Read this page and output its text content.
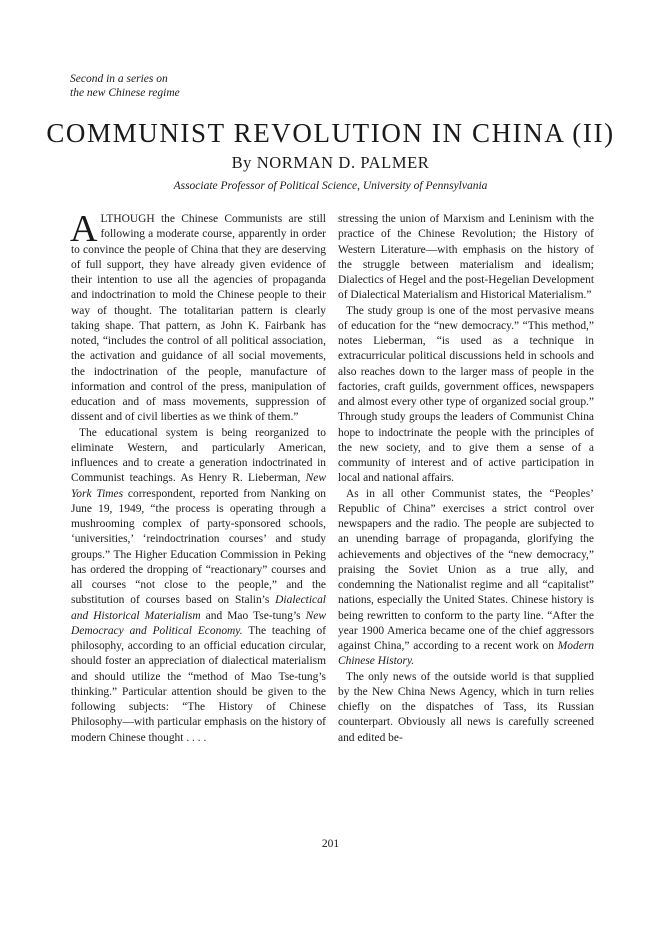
Second in a series on
the new Chinese regime
COMMUNIST REVOLUTION IN CHINA (II)
By NORMAN D. PALMER
Associate Professor of Political Science, University of Pennsylvania

ALTHOUGH the Chinese Communists are still following a moderate course, apparently in order to convince the people of China that they are deserving of full support, they have already given evidence of their intention to use all the agencies of propaganda and indoctrination to mold the Chinese people to their way of thought. The totalitarian pattern is clearly taking shape. That pattern, as John K. Fairbank has noted, “includes the control of all political association, the activation and guidance of all social movements, the indoctrination of the people, manufacture of information and control of the press, manipulation of education and of mass movements, suppression of dissent and of civil liberties as we think of them.”

The educational system is being reorganized to eliminate Western, and particularly American, influences and to create a generation indoctrinated in Communist teachings. As Henry R. Lieberman, New York Times correspondent, reported from Nanking on June 19, 1949, “the process is operating through a mushrooming complex of party-sponsored schools, ‘universities,’ ‘reindoctrination courses’ and study groups.” The Higher Education Commission in Peking has ordered the dropping of “reactionary” courses and all courses “not close to the people,” and the substitution of courses based on Stalin’s Dialectical and Historical Materialism and Mao Tse-tung’s New Democracy and Political Economy. The teaching of philosophy, according to an official education circular, should foster an appreciation of dialectical materialism and should utilize the “method of Mao Tse-tung’s thinking.” Particular attention should be given to the following subjects: “The History of Chinese Philosophy—with particular emphasis on the history of modern Chinese thought . . . .

stressing the union of Marxism and Leninism with the practice of the Chinese Revolution; the History of Western Literature—with emphasis on the history of the struggle between materialism and idealism; Dialectics of Hegel and the post-Hegelian Development of Dialectical Materialism and Historical Materialism.”

The study group is one of the most pervasive means of education for the “new democracy.” “This method,” notes Lieberman, “is used as a technique in extracurricular political discussions held in schools and also reaches down to the larger mass of people in the factories, craft guilds, government offices, newspapers and almost every other type of organized social group.” Through study groups the leaders of Communist China hope to indoctrinate the people with the principles of the new society, and to give them a sense of a community of interest and of active participation in local and national affairs.

As in all other Communist states, the “Peoples’ Republic of China” exercises a strict control over newspapers and the radio. The people are subjected to an unending barrage of propaganda, glorifying the achievements and objectives of the “new democracy,” praising the Soviet Union as a true ally, and condemning the Nationalist regime and all “capitalist” nations, especially the United States. Chinese history is being rewritten to conform to the party line. “After the year 1900 America became one of the chief aggressors against China,” according to a recent work on Modern Chinese History.

The only news of the outside world is that supplied by the New China News Agency, which in turn relies chiefly on the dispatches of Tass, its Russian counterpart. Obviously all news is carefully screened and edited be-

201
